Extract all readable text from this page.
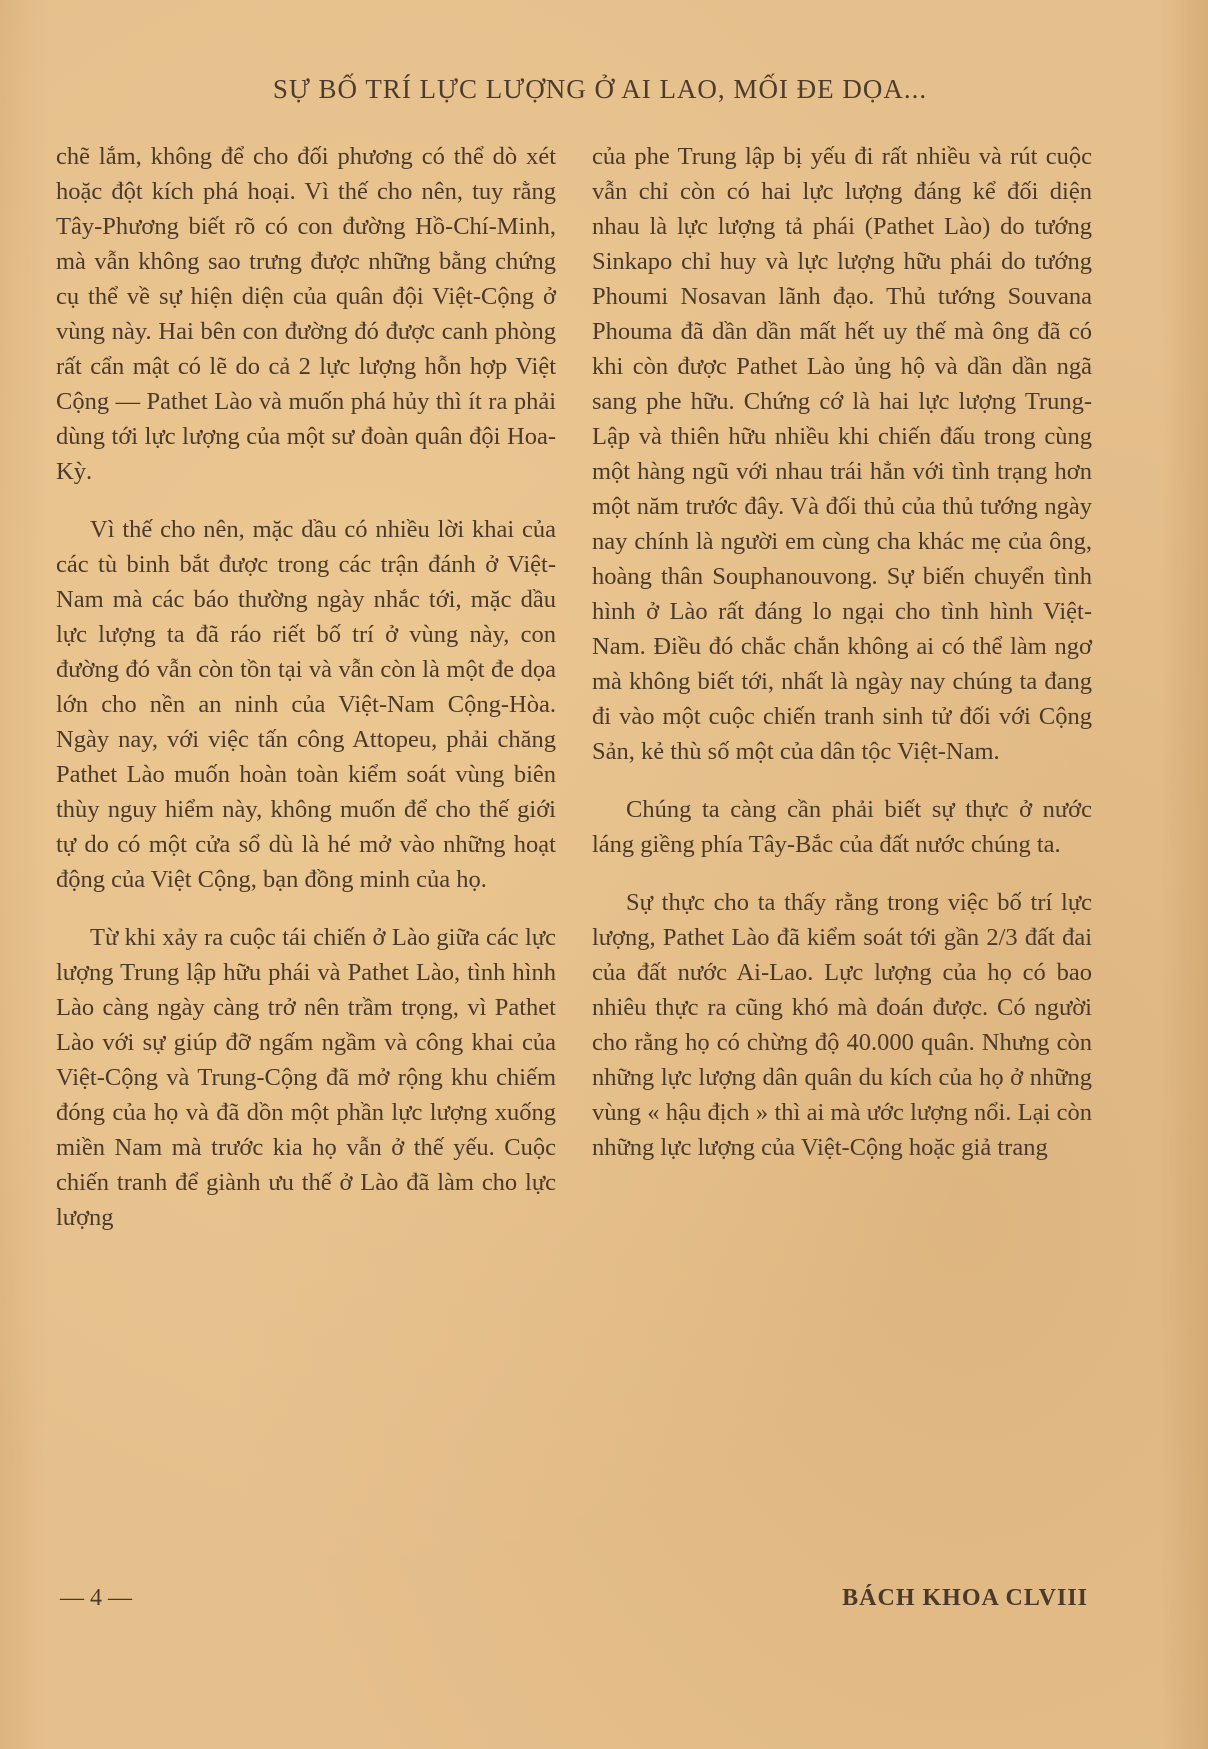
SỰ BỐ TRÍ LỰC LƯỢNG Ở AI LAO, MỐI ĐE DỌA...

chẽ lắm, không để cho đối phương có thể dò xét hoặc đột kích phá hoại. Vì thế cho nên, tuy rằng Tây-Phương biết rõ có con đường Hồ-Chí-Minh, mà vẫn không sao trưng được những bằng chứng cụ thể về sự hiện diện của quân đội Việt-Cộng ở vùng này. Hai bên con đường đó được canh phòng rất cẩn mật có lẽ do cả 2 lực lượng hỗn hợp Việt Cộng — Pathet Lào và muốn phá hủy thì ít ra phải dùng tới lực lượng của một sư đoàn quân đội Hoa-Kỳ.

Vì thế cho nên, mặc dầu có nhiều lời khai của các tù binh bắt được trong các trận đánh ở Việt-Nam mà các báo thường ngày nhắc tới, mặc dầu lực lượng ta đã ráo riết bố trí ở vùng này, con đường đó vẫn còn tồn tại và vẫn còn là một đe dọa lớn cho nền an ninh của Việt-Nam Cộng-Hòa. Ngày nay, với việc tấn công Attopeu, phải chăng Pathet Lào muốn hoàn toàn kiểm soát vùng biên thùy nguy hiểm này, không muốn để cho thế giới tự do có một cửa sổ dù là hé mở vào những hoạt động của Việt Cộng, bạn đồng minh của họ.

Từ khi xảy ra cuộc tái chiến ở Lào giữa các lực lượng Trung lập hữu phái và Pathet Lào, tình hình Lào càng ngày càng trở nên trầm trọng, vì Pathet Lào với sự giúp đỡ ngấm ngầm và công khai của Việt-Cộng và Trung-Cộng đã mở rộng khu chiếm đóng của họ và đã dồn một phần lực lượng xuống miền Nam mà trước kia họ vẫn ở thế yếu. Cuộc chiến tranh để giành ưu thế ở Lào đã làm cho lực lượng

của phe Trung lập bị yếu đi rất nhiều và rút cuộc vẫn chỉ còn có hai lực lượng đáng kể đối diện nhau là lực lượng tả phái (Pathet Lào) do tướng Sinkapo chỉ huy và lực lượng hữu phái do tướng Phoumi Nosavan lãnh đạo. Thủ tướng Souvana Phouma đã dần dần mất hết uy thế mà ông đã có khi còn được Pathet Lào ủng hộ và dần dần ngã sang phe hữu. Chứng cớ là hai lực lượng Trung-Lập và thiên hữu nhiều khi chiến đấu trong cùng một hàng ngũ với nhau trái hẳn với tình trạng hơn một năm trước đây. Và đối thủ của thủ tướng ngày nay chính là người em cùng cha khác mẹ của ông, hoàng thân Souphanouvong. Sự biến chuyển tình hình ở Lào rất đáng lo ngại cho tình hình Việt-Nam. Điều đó chắc chắn không ai có thể làm ngơ mà không biết tới, nhất là ngày nay chúng ta đang đi vào một cuộc chiến tranh sinh tử đối với Cộng Sản, kẻ thù số một của dân tộc Việt-Nam.

Chúng ta càng cần phải biết sự thực ở nước láng giềng phía Tây-Bắc của đất nước chúng ta.

Sự thực cho ta thấy rằng trong việc bố trí lực lượng, Pathet Lào đã kiểm soát tới gần 2/3 đất đai của đất nước Ai-Lao. Lực lượng của họ có bao nhiêu thực ra cũng khó mà đoán được. Có người cho rằng họ có chừng độ 40.000 quân. Nhưng còn những lực lượng dân quân du kích của họ ở những vùng « hậu địch » thì ai mà ước lượng nổi. Lại còn những lực lượng của Việt-Cộng hoặc giả trang

— 4 —	BÁCH KHOA CLVIII
